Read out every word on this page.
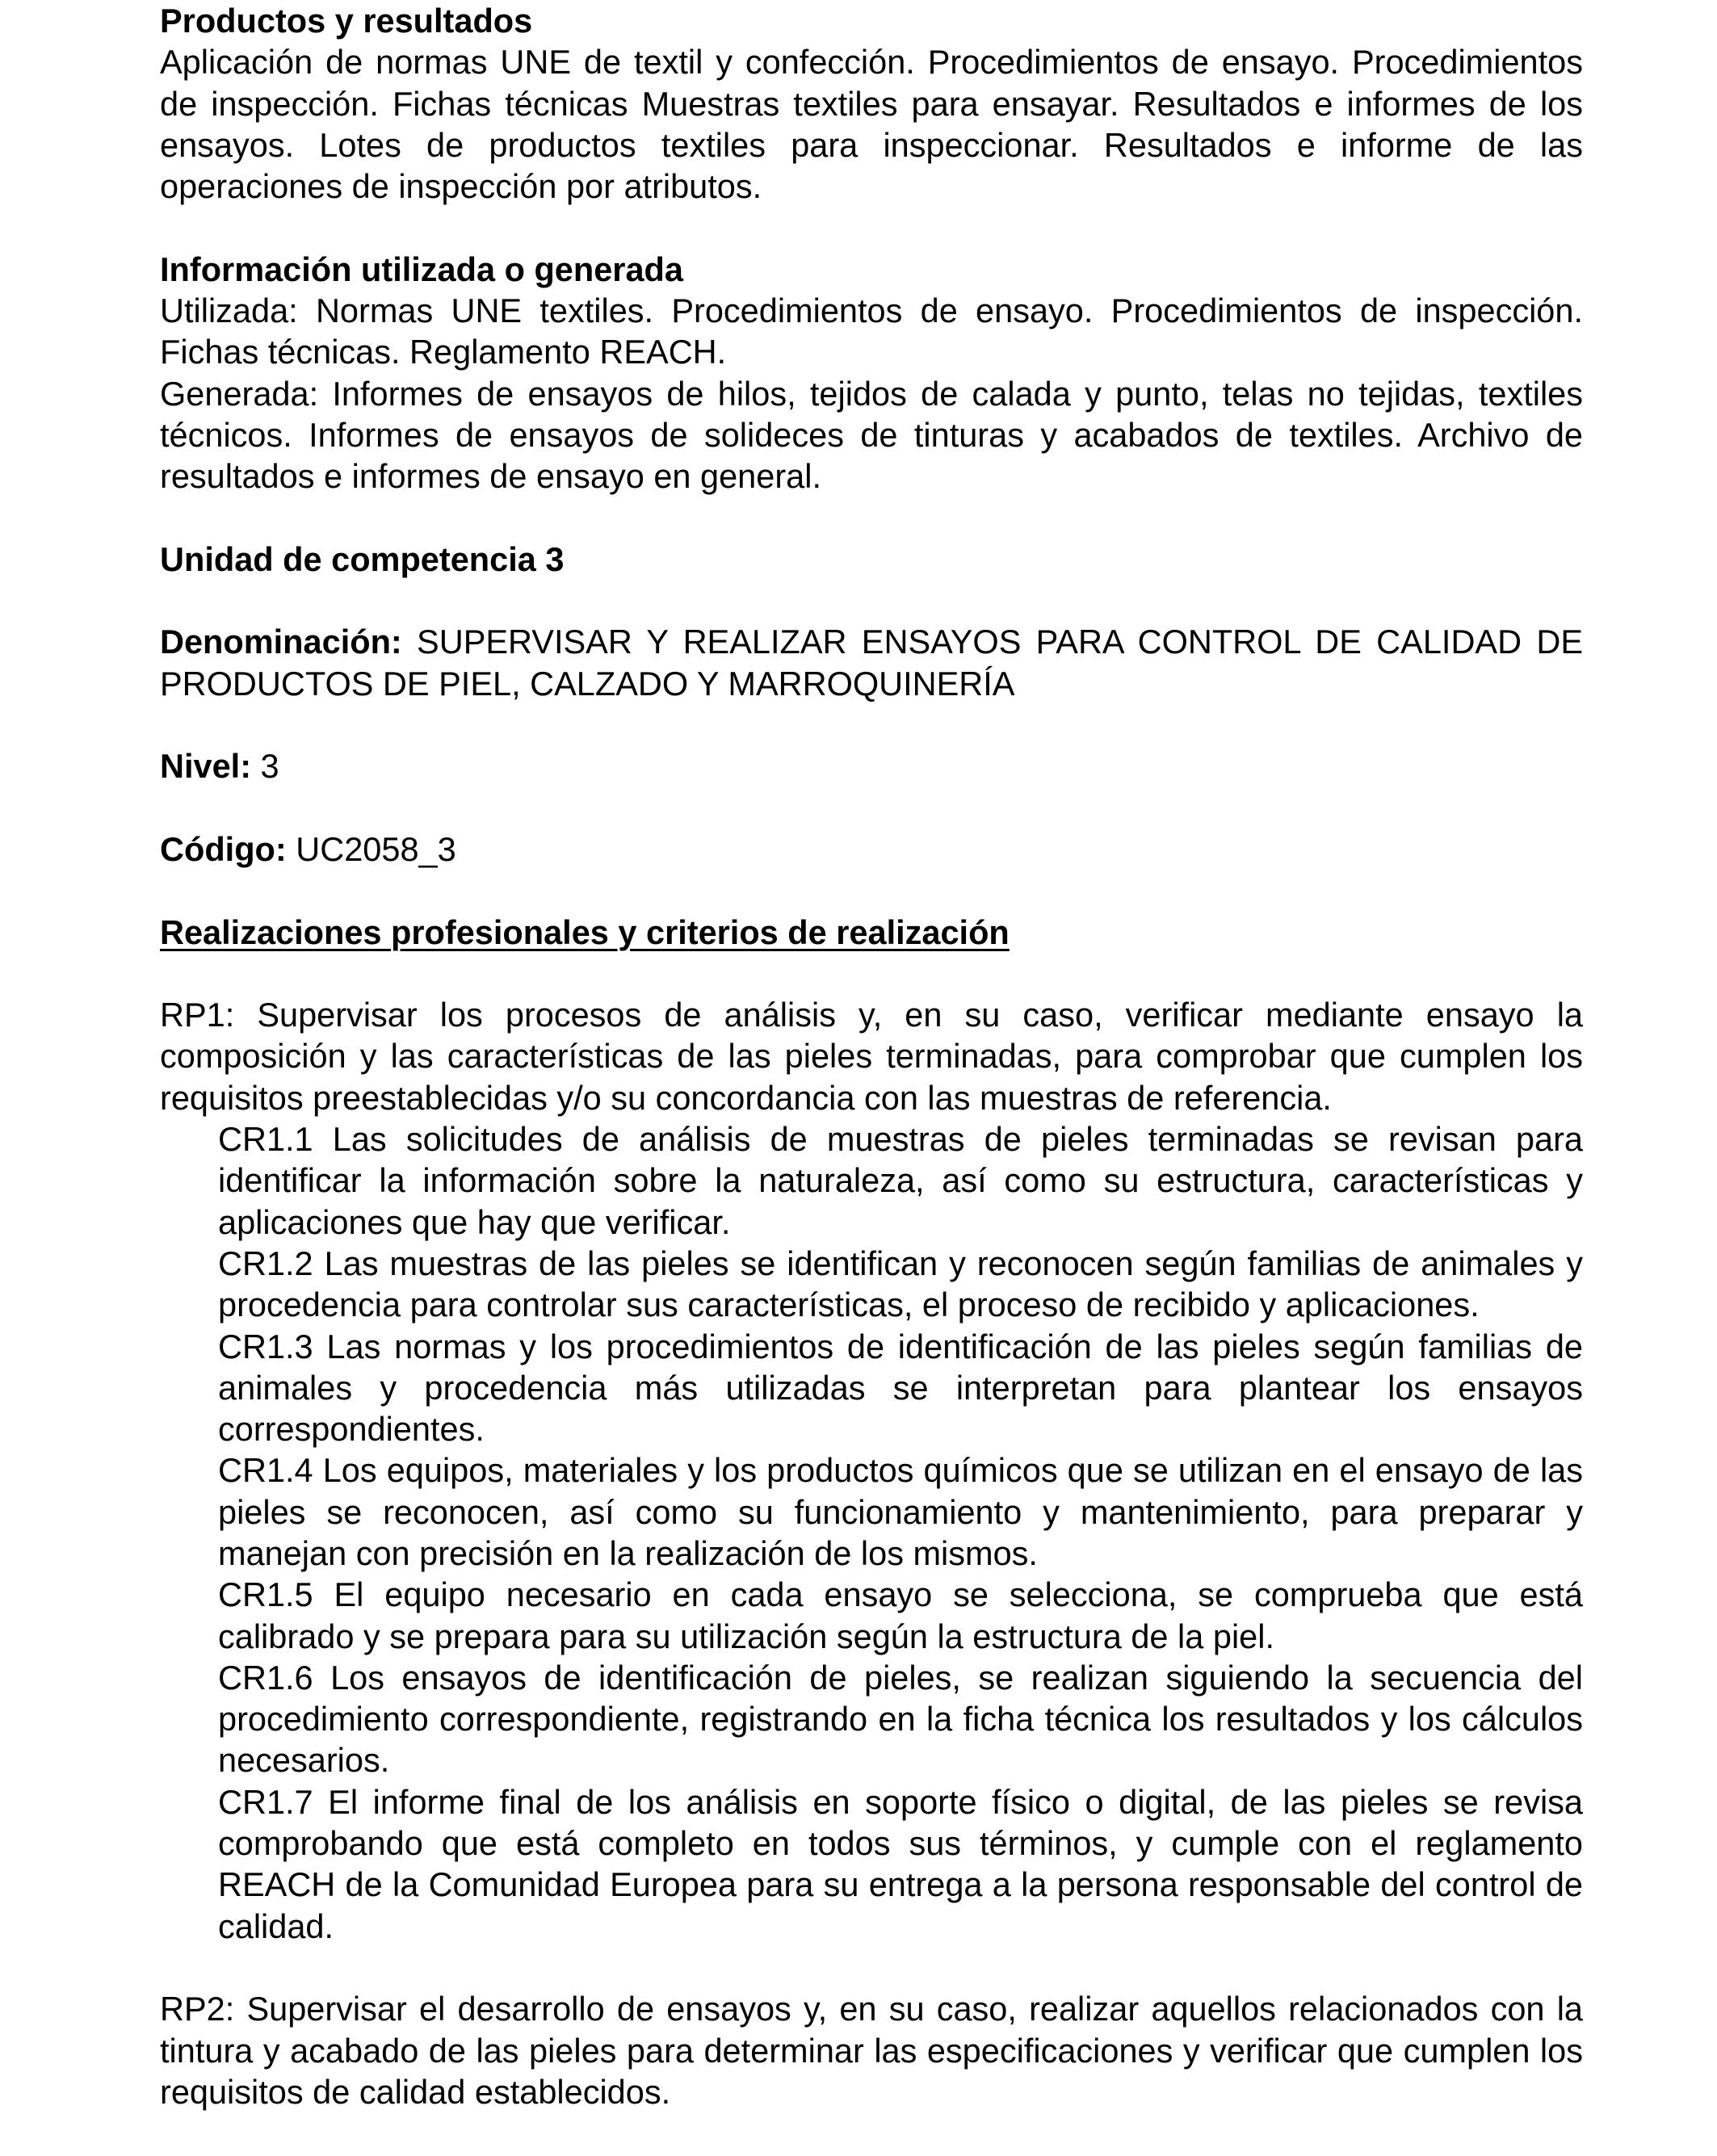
Productos y resultados
Aplicación de normas UNE de textil y confección. Procedimientos de ensayo. Procedimientos de inspección. Fichas técnicas Muestras textiles para ensayar. Resultados e informes de los ensayos. Lotes de productos textiles para inspeccionar. Resultados e informe de las operaciones de inspección por atributos.
Información utilizada o generada
Utilizada: Normas UNE textiles. Procedimientos de ensayo. Procedimientos de inspección. Fichas técnicas. Reglamento REACH.
Generada: Informes de ensayos de hilos, tejidos de calada y punto, telas no tejidas, textiles técnicos. Informes de ensayos de solideces de tinturas y acabados de textiles. Archivo de resultados e informes de ensayo en general.
Unidad de competencia 3
Denominación: SUPERVISAR Y REALIZAR ENSAYOS PARA CONTROL DE CALIDAD DE PRODUCTOS DE PIEL, CALZADO Y MARROQUINERÍA
Nivel: 3
Código: UC2058_3
Realizaciones profesionales y criterios de realización
RP1: Supervisar los procesos de análisis y, en su caso, verificar mediante ensayo la composición y las características de las pieles terminadas, para comprobar que cumplen los requisitos preestablecidas y/o su concordancia con las muestras de referencia.
CR1.1 Las solicitudes de análisis de muestras de pieles terminadas se revisan para identificar la información sobre la naturaleza, así como su estructura, características y aplicaciones que hay que verificar.
CR1.2 Las muestras de las pieles se identifican y reconocen según familias de animales y procedencia para controlar sus características, el proceso de recibido y aplicaciones.
CR1.3 Las normas y los procedimientos de identificación de las pieles según familias de animales y procedencia más utilizadas se interpretan para plantear los ensayos correspondientes.
CR1.4 Los equipos, materiales y los productos químicos que se utilizan en el ensayo de las pieles se reconocen, así como su funcionamiento y mantenimiento, para preparar y manejan con precisión en la realización de los mismos.
CR1.5 El equipo necesario en cada ensayo se selecciona, se comprueba que está calibrado y se prepara para su utilización según la estructura de la piel.
CR1.6 Los ensayos de identificación de pieles, se realizan siguiendo la secuencia del procedimiento correspondiente, registrando en la ficha técnica los resultados y los cálculos necesarios.
CR1.7 El informe final de los análisis en soporte físico o digital, de las pieles se revisa comprobando que está completo en todos sus términos, y cumple con el reglamento REACH de la Comunidad Europea para su entrega a la persona responsable del control de calidad.
RP2: Supervisar el desarrollo de ensayos y, en su caso, realizar aquellos relacionados con la tintura y acabado de las pieles para determinar las especificaciones y verificar que cumplen los requisitos de calidad establecidos.
